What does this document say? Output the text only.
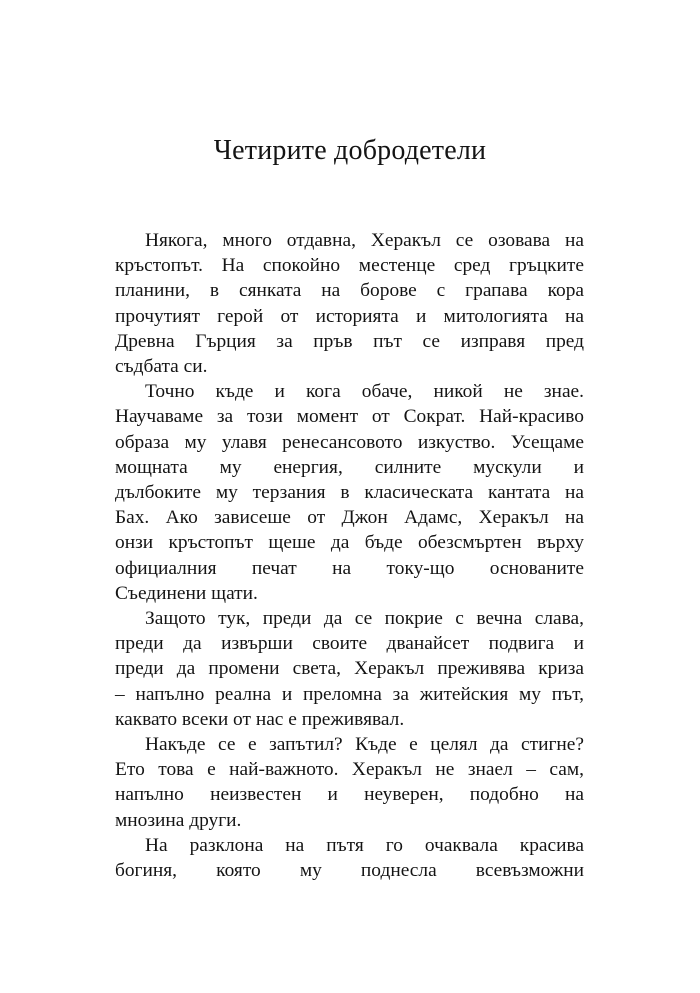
Четирите добродетели

Някога, много отдавна, Херакъл се озовава на
кръстопът. На спокойно местенце сред гръцките
планини, в сянката на борове с грапава кора
прочутият герой от историята и митологията на
Древна Гърция за пръв път се изправя пред
съдбата си.

Точно къде и кога обаче, никой не знае.
Научаваме за този момент от Сократ. Най-красиво
образа му улавя ренесансовото изкуство. Усещаме
мощната му енергия, силните мускули и
дълбоките му терзания в класическата кантата на
Бах. Ако зависеше от Джон Адамс, Херакъл на
онзи кръстопът щеше да бъде обезсмъртен върху
официалния печат на току-що основаните
Съединени щати.

Защото тук, преди да се покрие с вечна слава,
преди да извърши своите дванайсет подвига и
преди да промени света, Херакъл преживява криза
– напълно реална и преломна за житейския му път,
каквато всеки от нас е преживявал.

Накъде се е запътил? Къде е целял да стигне?
Ето това е най-важното. Херакъл не знаел – сам,
напълно неизвестен и неуверен, подобно на
мнозина други.

На разклона на пътя го очаквала красива
богиня, която му поднесла всевъзможни
